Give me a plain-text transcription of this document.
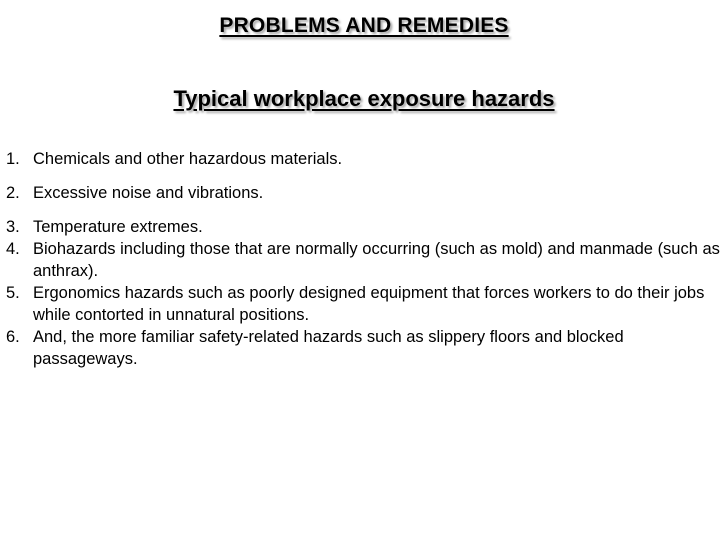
PROBLEMS AND REMEDIES
Typical workplace exposure hazards
1. Chemicals and other hazardous materials.
2. Excessive noise and vibrations.
3. Temperature extremes.
4. Biohazards including those that are normally occurring (such as mold) and manmade (such as anthrax).
5. Ergonomics hazards such as poorly designed equipment that forces workers to do their jobs while contorted in unnatural positions.
6. And, the more familiar safety-related hazards such as slippery floors and blocked passageways.
